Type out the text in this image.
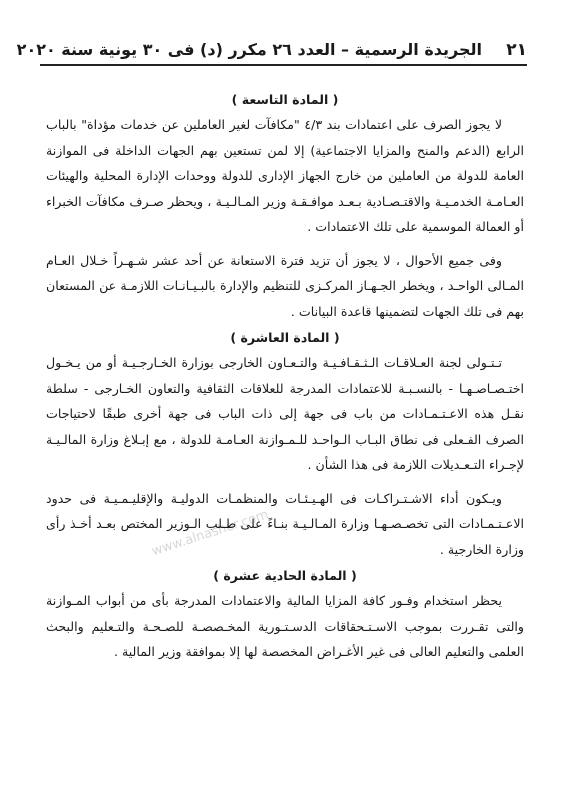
www.alnasher.com
٢١
الجريدة الرسمية – العدد ٢٦ مكرر (د) فى ٣٠ يونية سنة ٢٠٢٠
( المادة التاسعة )

لا يجوز الصرف على اعتمادات بند ٤/٣ "مكافآت لغير العاملين عن خدمات مؤداة" بالباب الرابع (الدعم والمنح والمزايا الاجتماعية) إلا لمن تستعين بهم الجهات الداخلة فى الموازنة العامة للدولة من العاملين من خارج الجهاز الإدارى للدولة ووحدات الإدارة المحلية والهيئات العـامـة الخدمـيـة والاقتـصـادية بـعـد موافـقـة وزير المـالـيـة ، ويحظر صـرف مكافآت الخبراء أو العمالة الموسمية على تلك الاعتمادات .

وفى جميع الأحوال ، لا يجوز أن تزيد فترة الاستعانة عن أحد عشر شـهـراً خـلال العـام المـالى الواحـد ، ويخطر الجـهـاز المركـزى للتنظيم والإدارة بالبـيـانـات اللازمـة عن المستعان بهم فى تلك الجهات لتضمينها قاعدة البيانات .

( المادة العاشرة )

تـتـولى لجنة العـلاقـات الـثـقـافـيـة والتـعـاون الخارجى بوزارة الخـارجـيـة أو من يـخـول اختـصـاصـهـا - بالنسـبـة للاعتمادات المدرجة للعلاقات الثقافية والتعاون الخـارجى - سلطة نقـل هذه الاعـتـمـادات من باب فى جهة إلى ذات الباب فى جهة أخرى طبقًا لاحتياجات الصرف الفـعلى فى نطاق البـاب الـواحـد للـمـوازنة العـامـة للدولة ، مع إبـلاغ وزارة المالـيـة لإجـراء التـعـديلات اللازمة فى هذا الشأن .

ويـكون أداء الاشـتـراكـات فى الهـيـئـات والمنظمـات الدوليـة والإقليـمـيـة فى حدود الاعـتـمـادات التى تخصـصـهـا وزارة المـالـيـة بنـاءً على طـلب الـوزير المختص بعـد أخـذ رأى وزارة الخارجية .

( المادة الحادية عشرة )

يحظر استخدام وفـور كافة المزايا المالية والاعتمادات المدرجة بأى من أبواب المـوازنة والتى تقـررت بموجب الاسـتـحقاقات الدسـتـورية المخـصصـة للصـحـة والتـعليم والبحث العلمى والتعليم العالى فى غير الأغـراض المخصصة لها إلا بموافقة وزير المالية .
